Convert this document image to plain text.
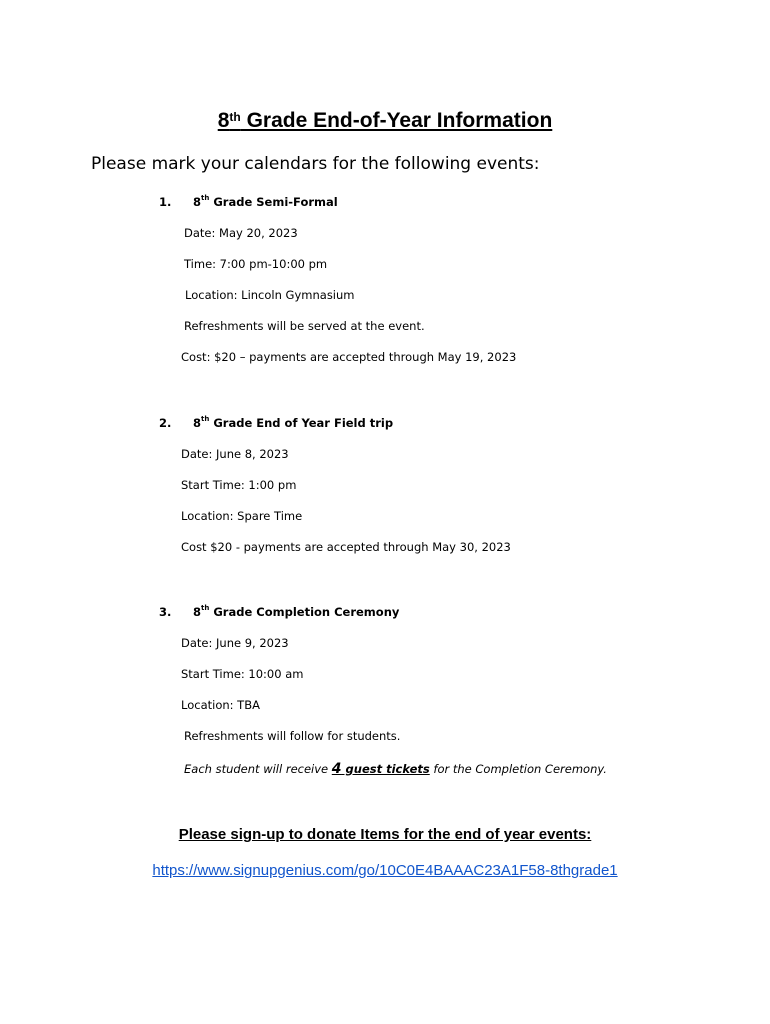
8th Grade End-of-Year Information
Please mark your calendars for the following events:
1. 8th Grade Semi-Formal
Date: May 20, 2023
Time: 7:00 pm-10:00 pm
Location: Lincoln Gymnasium
Refreshments will be served at the event.
Cost: $20 – payments are accepted through May 19, 2023
2. 8th Grade End of Year Field trip
Date: June 8, 2023
Start Time: 1:00 pm
Location: Spare Time
Cost $20 - payments are accepted through May 30, 2023
3. 8th Grade Completion Ceremony
Date: June 9, 2023
Start Time: 10:00 am
Location: TBA
Refreshments will follow for students.
Each student will receive 4 guest tickets for the Completion Ceremony.
Please sign-up to donate Items for the end of year events:
https://www.signupgenius.com/go/10C0E4BAAAC23A1F58-8thgrade1
